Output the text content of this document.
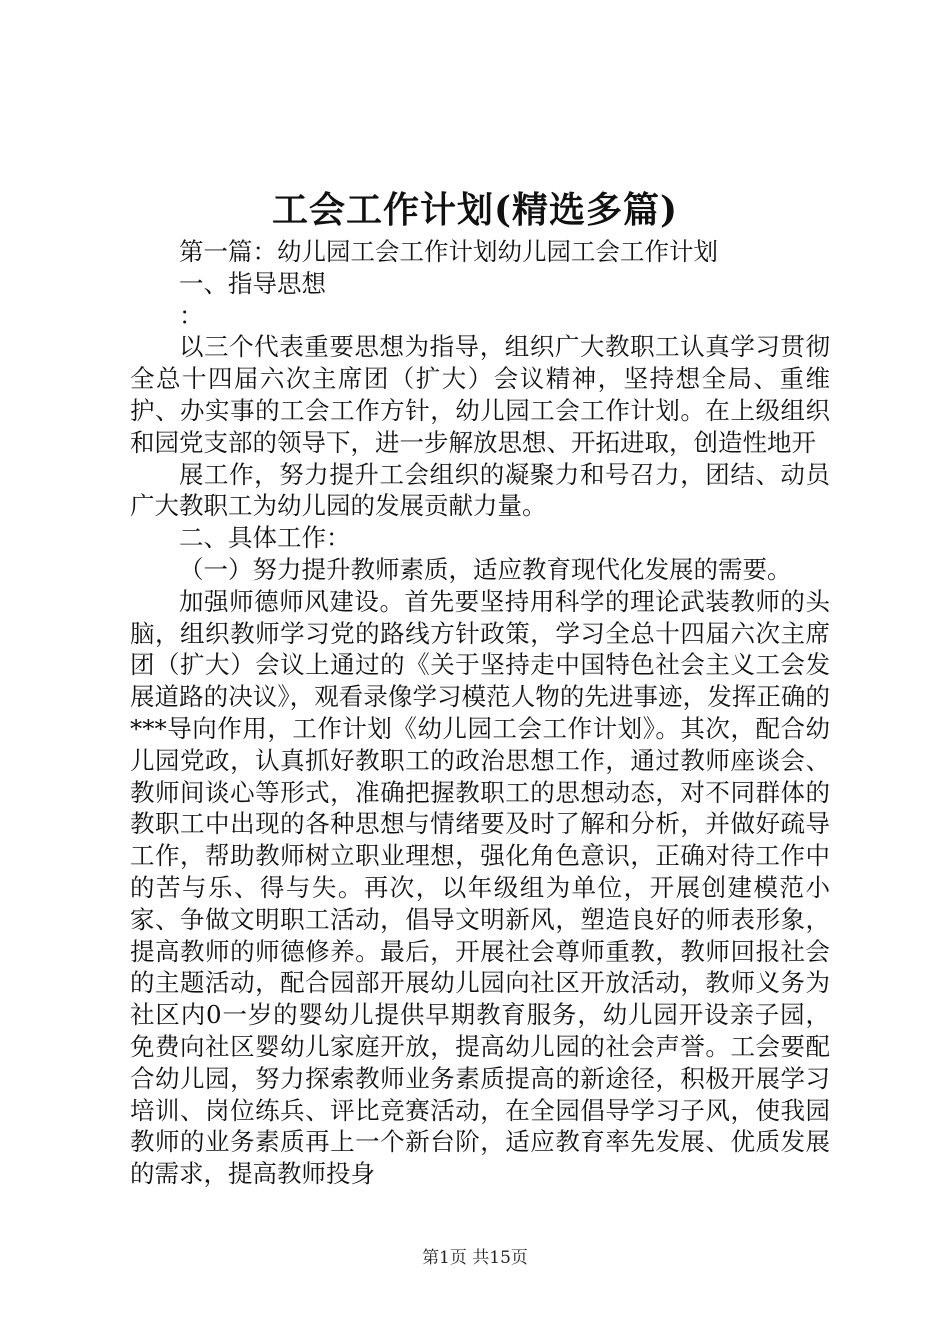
工会工作计划(精选多篇)

第一篇：幼儿园工会工作计划幼儿园工会工作计划

一、指导思想

：

以三个代表重要思想为指导，组织广大教职工认真学习贯彻全总十四届六次主席团（扩大）会议精神，坚持想全局、重维护、办实事的工会工作方针，幼儿园工会工作计划。在上级组织和园党支部的领导下，进一步解放思想、开拓进取，创造性地开

展工作，努力提升工会组织的凝聚力和号召力，团结、动员广大教职工为幼儿园的发展贡献力量。

二、具体工作：

（一）努力提升教师素质，适应教育现代化发展的需要。

加强师德师风建设。首先要坚持用科学的理论武装教师的头脑，组织教师学习党的路线方针政策，学习全总十四届六次主席团（扩大）会议上通过的《关于坚持走中国特色社会主义工会发展道路的决议》，观看录像学习模范人物的先进事迹，发挥正确的***导向作用，工作计划《幼儿园工会工作计划》。其次，配合幼儿园党政，认真抓好教职工的政治思想工作，通过教师座谈会、教师间谈心等形式，准确把握教职工的思想动态，对不同群体的教职工中出现的各种思想与情绪要及时了解和分析，并做好疏导工作，帮助教师树立职业理想，强化角色意识，正确对待工作中的苦与乐、得与失。再次，以年级组为单位，开展创建模范小家、争做文明职工活动，倡导文明新风，塑造良好的师表形象，提高教师的师德修养。最后，开展社会尊师重教，教师回报社会的主题活动，配合园部开展幼儿园向社区开放活动，教师义务为社区内0一岁的婴幼儿提供早期教育服务，幼儿园开设亲子园，免费向社区婴幼儿家庭开放，提高幼儿园的社会声誉。工会要配合幼儿园，努力探索教师业务素质提高的新途径，积极开展学习培训、岗位练兵、评比竞赛活动，在全园倡导学习子风，使我园教师的业务素质再上一个新台阶，适应教育率先发展、优质发展的需求，提高教师投身

第1页 共15页
